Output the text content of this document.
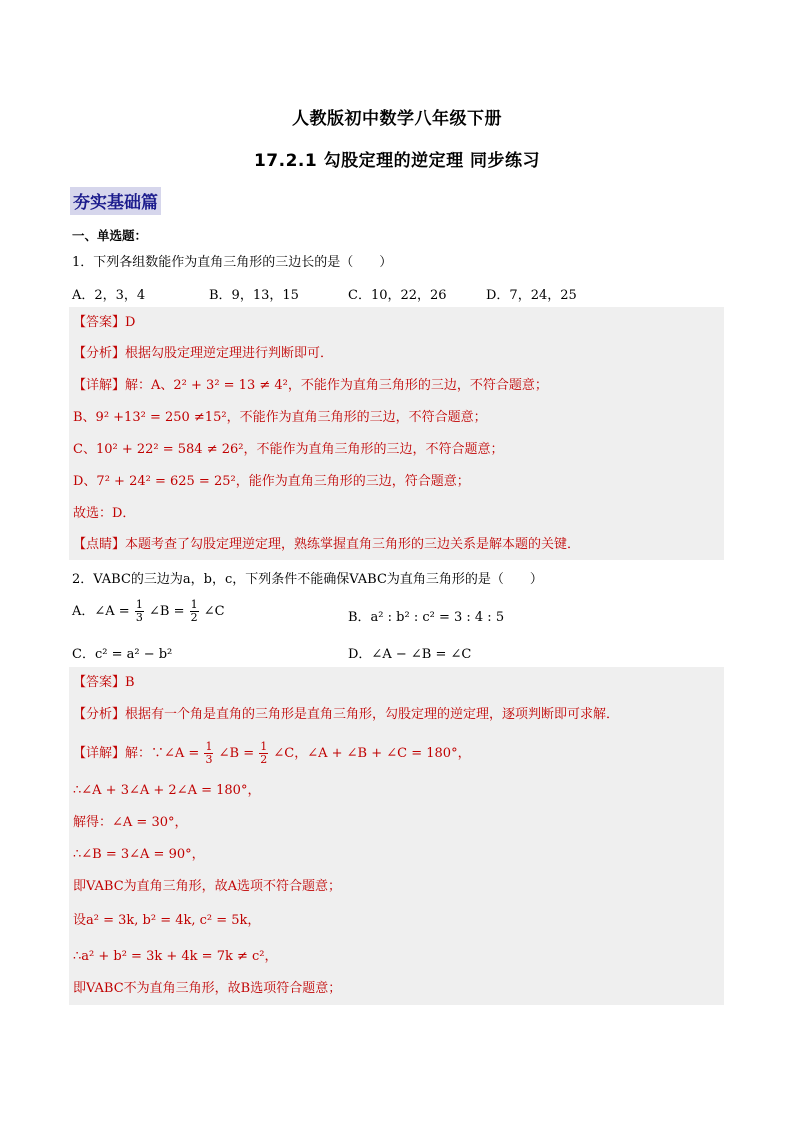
人教版初中数学八年级下册
17.2.1 勾股定理的逆定理 同步练习
夯实基础篇
一、单选题：
1．下列各组数能作为直角三角形的三边长的是（　　）
A．2，3，4	B．9，13，15	C．10，22，26	D．7，24，25
【答案】D
【分析】根据勾股定理逆定理进行判断即可．
【详解】解：A、2² + 3² = 13 ≠ 4²，不能作为直角三角形的三边，不符合题意；
B、9² +13² = 250 ≠15²，不能作为直角三角形的三边，不符合题意；
C、10² + 22² = 584 ≠ 26²，不能作为直角三角形的三边，不符合题意；
D、7² + 24² = 625 = 25²，能作为直角三角形的三边，符合题意；
故选：D．
【点睛】本题考查了勾股定理逆定理，熟练掌握直角三角形的三边关系是解本题的关键．
2．VABC的三边为a，b，c，下列条件不能确保VABC为直角三角形的是（　　）
A．∠A = $\frac{1}{3}$ ∠B = $\frac{1}{2}$ ∠C	B．a² : b² : c² = 3 : 4 : 5
C．c² = a² − b²	D．∠A − ∠B = ∠C
【答案】B
【分析】根据有一个角是直角的三角形是直角三角形，勾股定理的逆定理，逐项判断即可求解．
【详解】解：∵∠A = $\frac{1}{3}$ ∠B = $\frac{1}{2}$ ∠C，∠A + ∠B + ∠C = 180°，
∴∠A + 3∠A + 2∠A = 180°，
解得：∠A = 30°，
∴∠B = 3∠A = 90°，
即VABC为直角三角形，故A选项不符合题意；
设a² = 3k, b² = 4k, c² = 5k，
∴a² + b² = 3k + 4k = 7k ≠ c²，
即VABC不为直角三角形，故B选项符合题意；
